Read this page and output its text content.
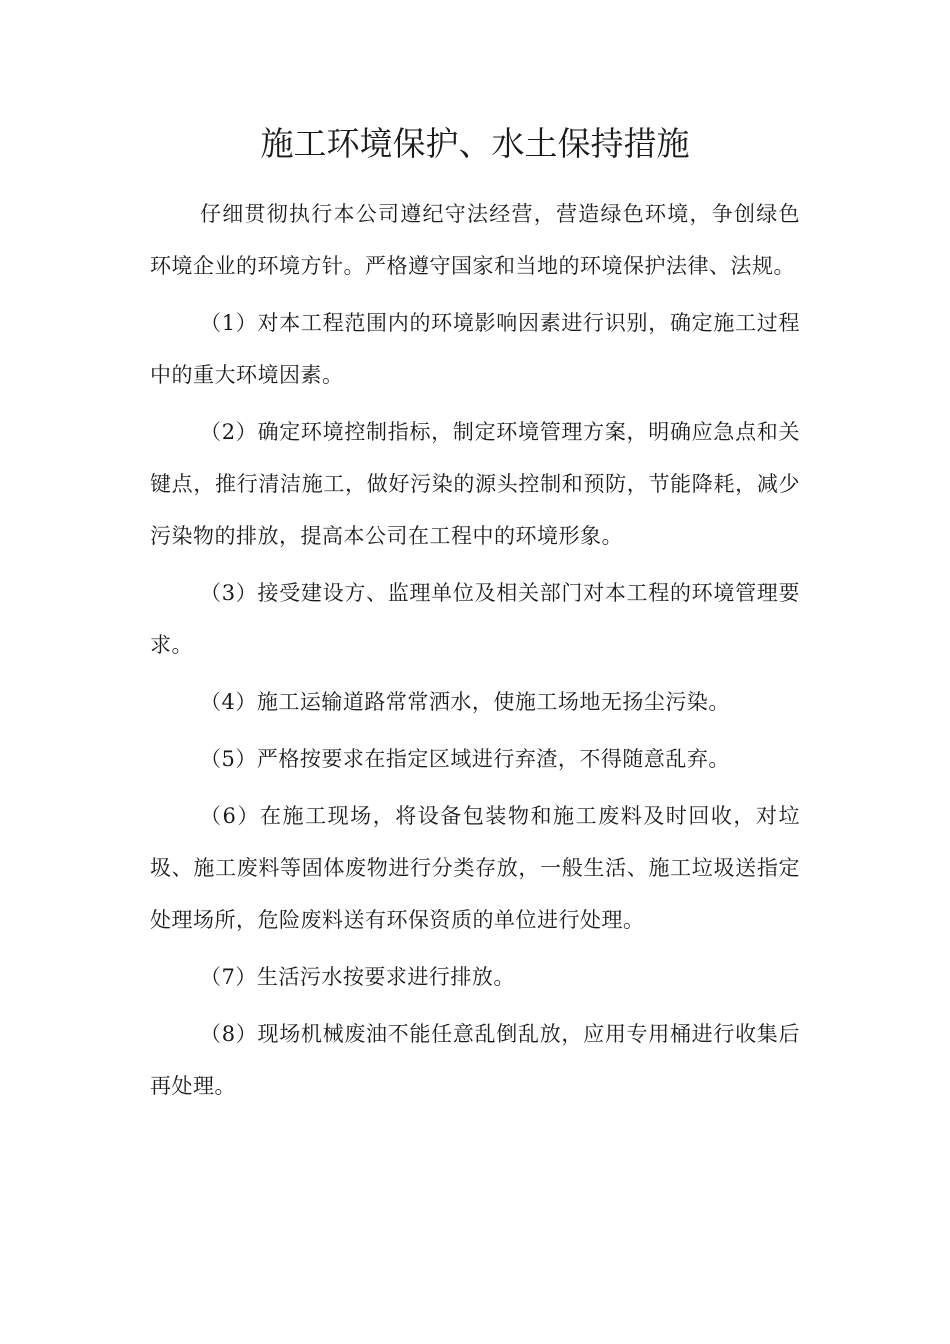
施工环境保护、水土保持措施

仔细贯彻执行本公司遵纪守法经营，营造绿色环境，争创绿色环境企业的环境方针。严格遵守国家和当地的环境保护法律、法规。

（1）对本工程范围内的环境影响因素进行识别，确定施工过程中的重大环境因素。

（2）确定环境控制指标，制定环境管理方案，明确应急点和关键点，推行清洁施工，做好污染的源头控制和预防，节能降耗，减少污染物的排放，提高本公司在工程中的环境形象。

（3）接受建设方、监理单位及相关部门对本工程的环境管理要求。

（4）施工运输道路常常洒水，使施工场地无扬尘污染。

（5）严格按要求在指定区域进行弃渣，不得随意乱弃。

（6）在施工现场，将设备包装物和施工废料及时回收，对垃圾、施工废料等固体废物进行分类存放，一般生活、施工垃圾送指定处理场所，危险废料送有环保资质的单位进行处理。

（7）生活污水按要求进行排放。

（8）现场机械废油不能任意乱倒乱放，应用专用桶进行收集后再处理。
